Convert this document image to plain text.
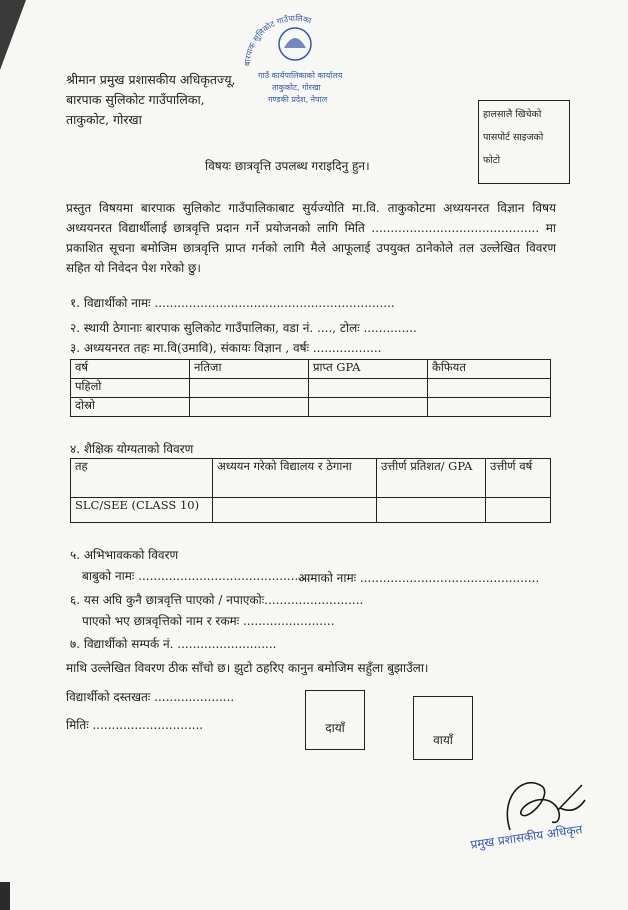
बारपाक सुलिकोट गाउँपालिका
गाउँ कार्यपालिकाको कार्यालय
ताकुकोट, गोरखा
गण्डकी प्रदेश, नेपाल
श्रीमान प्रमुख प्रशासकीय अधिकृतज्यू,
बारपाक सुलिकोट गाउँपालिका,
ताकुकोट, गोरखा	हालसालै खिचेको
पासपोर्ट साइजको
फोटो
विषयः छात्रवृत्ति उपलब्ध गराइदिनु हुन।
प्रस्तुत विषयमा बारपाक सुलिकोट गाउँपालिकाबाट सुर्यज्योति मा.वि. ताकुकोटमा अध्ययनरत विज्ञान विषय अध्ययनरत विद्यार्थीलाई छात्रवृत्ति प्रदान गर्ने प्रयोजनको लागि मिति ............................................ मा प्रकाशित सूचना बमोजिम छात्रवृत्ति प्राप्त गर्नको लागि मैले आफूलाई उपयुक्त ठानेकोले तल उल्लेखित विवरण सहित यो निवेदन पेश गरेको छु।
१. विद्यार्थीको नामः ...............................................................
२. स्थायी ठेगानाः बारपाक सुलिकोट गाउँपालिका, वडा नं. ...., टोलः ..............
३. अध्ययनरत तहः मा.वि(उमावि), संकायः विज्ञान , वर्षः ..................
वर्ष	नतिजा	प्राप्त GPA	कैफियत
पहिलो			
दोस्रो			
४. शैक्षिक योग्यताको विवरण
तह	अध्ययन गरेको विद्यालय र ठेगाना	उत्तीर्ण प्रतिशत/ GPA	उत्तीर्ण वर्ष
SLC/SEE (CLASS 10)			
५. अभिभावकको विवरण
बाबुको नामः ..............................................
आमाको नामः ...............................................
६. यस अघि कुनै छात्रवृत्ति पाएको / नपाएकोः..........................
पाएको भए छात्रवृत्तिको नाम र रकमः ........................
७. विद्यार्थीको सम्पर्क नं. ..........................
माथि उल्लेखित विवरण ठीक साँचो छ। झुटो ठहरिए कानुन बमोजिम सहुँला बुझाउँला।
विद्यार्थीको दस्तखतः .....................
मितिः .............................	दायाँ
वायाँ
प्रमुख प्रशासकीय अधिकृत
